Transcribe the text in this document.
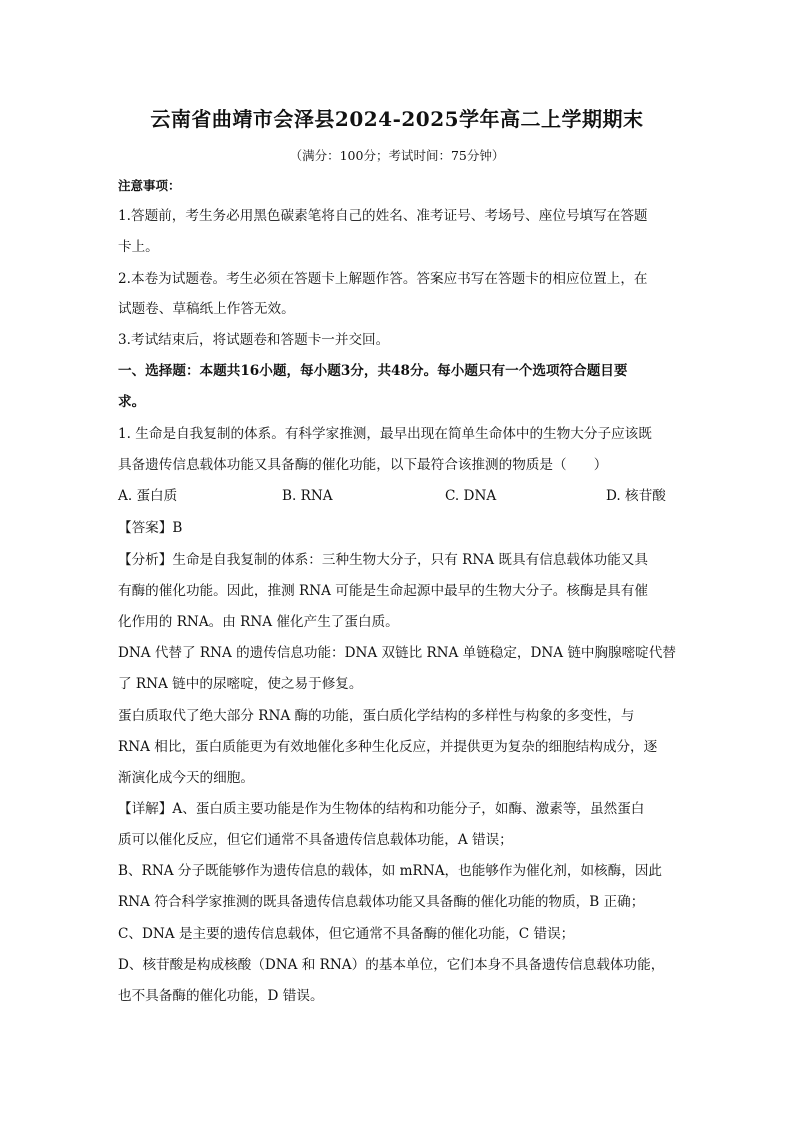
云南省曲靖市会泽县2024-2025学年高二上学期期末
（满分：100分；考试时间：75分钟）
注意事项：
1.答题前，考生务必用黑色碳素笔将自己的姓名、准考证号、考场号、座位号填写在答题
卡上。
2.本卷为试题卷。考生必须在答题卡上解题作答。答案应书写在答题卡的相应位置上，在
试题卷、草稿纸上作答无效。
3.考试结束后，将试题卷和答题卡一并交回。
一、选择题：本题共16小题，每小题3分，共48分。每小题只有一个选项符合题目要
求。
1. 生命是自我复制的体系。有科学家推测，最早出现在简单生命体中的生物大分子应该既
具备遗传信息载体功能又具备酶的催化功能，以下最符合该推测的物质是（　　）
A. 蛋白质	B. RNA	C. DNA	D. 核苷酸
【答案】B
【分析】生命是自我复制的体系：三种生物大分子，只有 RNA 既具有信息载体功能又具
有酶的催化功能。因此，推测 RNA 可能是生命起源中最早的生物大分子。核酶是具有催
化作用的 RNA。由 RNA 催化产生了蛋白质。
DNA 代替了 RNA 的遗传信息功能：DNA 双链比 RNA 单链稳定，DNA 链中胸腺嘧啶代替
了 RNA 链中的尿嘧啶，使之易于修复。
蛋白质取代了绝大部分 RNA 酶的功能，蛋白质化学结构的多样性与构象的多变性，与
RNA 相比，蛋白质能更为有效地催化多种生化反应，并提供更为复杂的细胞结构成分，逐
渐演化成今天的细胞。
【详解】A、蛋白质主要功能是作为生物体的结构和功能分子，如酶、激素等，虽然蛋白
质可以催化反应，但它们通常不具备遗传信息载体功能，A 错误；
B、RNA 分子既能够作为遗传信息的载体，如 mRNA，也能够作为催化剂，如核酶，因此
RNA 符合科学家推测的既具备遗传信息载体功能又具备酶的催化功能的物质，B 正确；
C、DNA 是主要的遗传信息载体，但它通常不具备酶的催化功能，C 错误；
D、核苷酸是构成核酸（DNA 和 RNA）的基本单位，它们本身不具备遗传信息载体功能，
也不具备酶的催化功能，D 错误。
